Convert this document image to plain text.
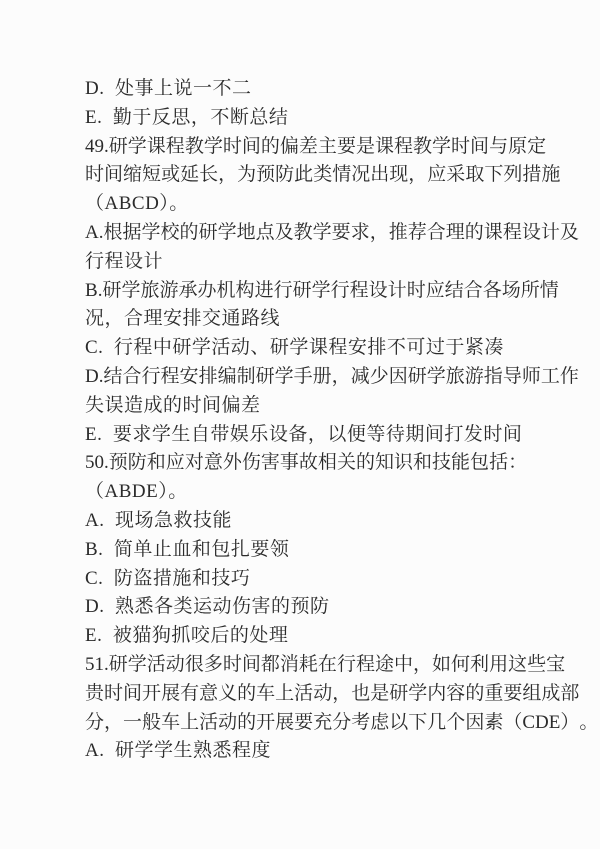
D.  处事上说一不二
E.  勤于反思，不断总结
4 9 . 研 学 课 程 教 学 时 间 的 偏 差 主 要 是 课 程 教 学 时 间 与 原 定
时 间 缩 短 或 延 长 ， 为 预 防 此 类 情 况 出 现 ， 应 采 取 下 列 措 施
（ABCD）。
A . 根 据 学 校 的 研 学 地 点 及 教 学 要 求 ， 推 荐 合 理 的 课 程 设 计 及
行程设计
B . 研 学 旅 游 承 办 机 构 进 行 研 学 行 程 设 计 时 应 结 合 各 场 所 情
况，合理安排交通路线
C.  行程中研学活动、研学课程安排不可过于紧凑
D . 结 合 行 程 安 排 编 制 研 学 手 册 ， 减 少 因 研 学 旅 游 指 导 师 工 作
失误造成的时间偏差
E.  要求学生自带娱乐设备，以便等待期间打发时间
5 0 . 预 防 和 应 对 意 外 伤 害 事 故 相 关 的 知 识 和 技 能 包 括 ：
（ABDE）。
A.  现场急救技能
B.  简单止血和包扎要领
C.  防盗措施和技巧
D.  熟悉各类运动伤害的预防
E.  被猫狗抓咬后的处理
5 1 . 研 学 活 动 很 多 时 间 都 消 耗 在 行 程 途 中 ， 如 何 利 用 这 些 宝
贵 时 间 开 展 有 意 义 的 车 上 活 动 ， 也 是 研 学 内 容 的 重 要 组 成 部
分 ， 一 般 车 上 活 动 的 开 展 要 充 分 考 虑 以 下 几 个 因 素 （ C D E ） 。
A.  研学学生熟悉程度
